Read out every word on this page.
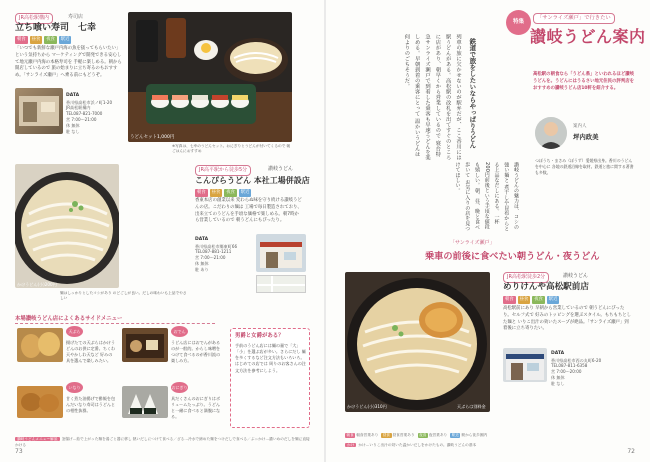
JR高松駅構内	寿司店
立ち喰い寿司　七幸
朝食	昼食	夜食	駅近
「いつでも新鮮な瀬戸内海の魚を扱ってもらいたい」という気持ちから マーケティングで開発できる安心して地元瀬戸内海の本格寿司を 手軽に楽しめる。朝から開店しているので 旅の始まりに立ち寄るのもおすすめ。「サンライズ瀬戸」へ乗る前にもどうぞ。
DATA
香川県高松市浜ノ町1-20
JR高松駅構内
TEL087-821-7000
営 7:00～21:00
休 無休
駐 なし
うどんセット1,000円
※写真は、七幸のうどんセット。おにぎりとうどんが付いてくるので 朝ごはんにおすすめ
かけうどん(小)200円
麺はしっかりとしたコシがあり のどごしが良い。だしの味わいも上品でやさしい
JR高平駅から徒歩5分	讃岐うどん
こんぴらうどん 本社工場併設店
朝食	昼食	夜食	駅近
香東本店の創業以来 変わらぬ味を守り続ける讃岐うどんの店。こだわりの麺は 工場で毎日製造されており、出来立てのうどんを手頃な価格で楽しめる。朝7時から営業しているので 朝うどんにもぴったり。
DATA
香川県高松市郷東町66
TEL087-881-1211
営 7:00～21:00
休 無休
駐 あり
本場讃岐うどん店によくあるサイドメニュー
天ぷら
揚げたての天ぷらはかけうどんのお供に定番。ちくわ天やかしわ天など 好みの具を選んで楽しみたい。
おでん
うどん店にはおでんがあるのが一般的。からし味噌をつけて食べるのが香川流の楽しみ方。
いなり
甘く煮た油揚げで酢飯を包んだいなり寿司はうどんとの相性抜群。
おにぎり
具だくさんのおにぎりはボリュームたっぷり。うどんと一緒に食べると満腹になる。
男爵と女爵がある？
手前のうどん店には麺の量で「大」「小」を選ぶ店が多い。さらにだし 麺を多くするなど注文方法もいろいろ。はじめての店では 周りのお客さんの注文方法を参考にしよう。
讃岐うどんメニュー解説 釜揚げ…茹で上がった麺を湯ごと器に移し 熱いだしにつけて食べる／ざる…冷水で締めた麺をつけだしで食べる／ぶっかけ…濃いめのだしを麺に直接かける
73
鉄道で旅をしたいならやっぱりうどん
列車の旅に欠かせないのが駅弁だが、ここ香川には駅うどんがある。高松駅の改札を出てすぐのところに店があり、朝早くから営業しているので 寝台特急サンライズ瀬戸で到着した乗客も早速うどんを楽しめる。早朝到着の乗客にとって 温かいうどんは何よりのごちそうだ。
讃岐うどんの魅力は、コシの強い麺と 煮干しや昆布からとる上品なだしにある。一杯200円前後という手頃な値段も嬉しい。朝、昼、晩と食べ歩いて お気に入りの店を見つけてほしい。
特集
「サンライズ瀬戸」で行きたい
讃岐うどん案内
高松駅の朝食なら「うどん県」といわれるほど讃岐うどんを。うどんにはうるさい地元住民の評判店をおすすめの讃岐うどん店10軒を紹介する。
案内人
坪内政美
つぼうち・まさみ（ぼうず）愛媛県出身。香川のうどんを中心に 各地の鉄道沿線を取材。鉄道と旅に関する著書も多数。
「サンライズ瀬戸」
乗車の前後に食べたい朝うどん・夜うどん
かけうどん(小)310円	天ぷらは別料金
JR高松駅徒歩2分	讃岐うどん
めりけんや高松駅前店
朝食	昼食	夜食	駅近
高松駅前にあり 早朝から営業しているので 朝うどんにぴったり。セルフ式で 好みのトッピングを選ぶスタイル。もちもちとした麺と いりこ出汁の効いたスープが絶品。「サンライズ瀬戸」到着後に立ち寄りたい。
DATA
香川県高松市西の丸町6-20
TEL087-811-6358
営 7:00～20:00
休 無休
駐 なし
朝食 朝食営業あり	昼食 昼食営業あり	夜食 夜営業あり	駅近 駅から徒歩圏内
かけ かけ…いりこ出汁の効いた温かいだしをかけたもの。讃岐うどんの基本
72
